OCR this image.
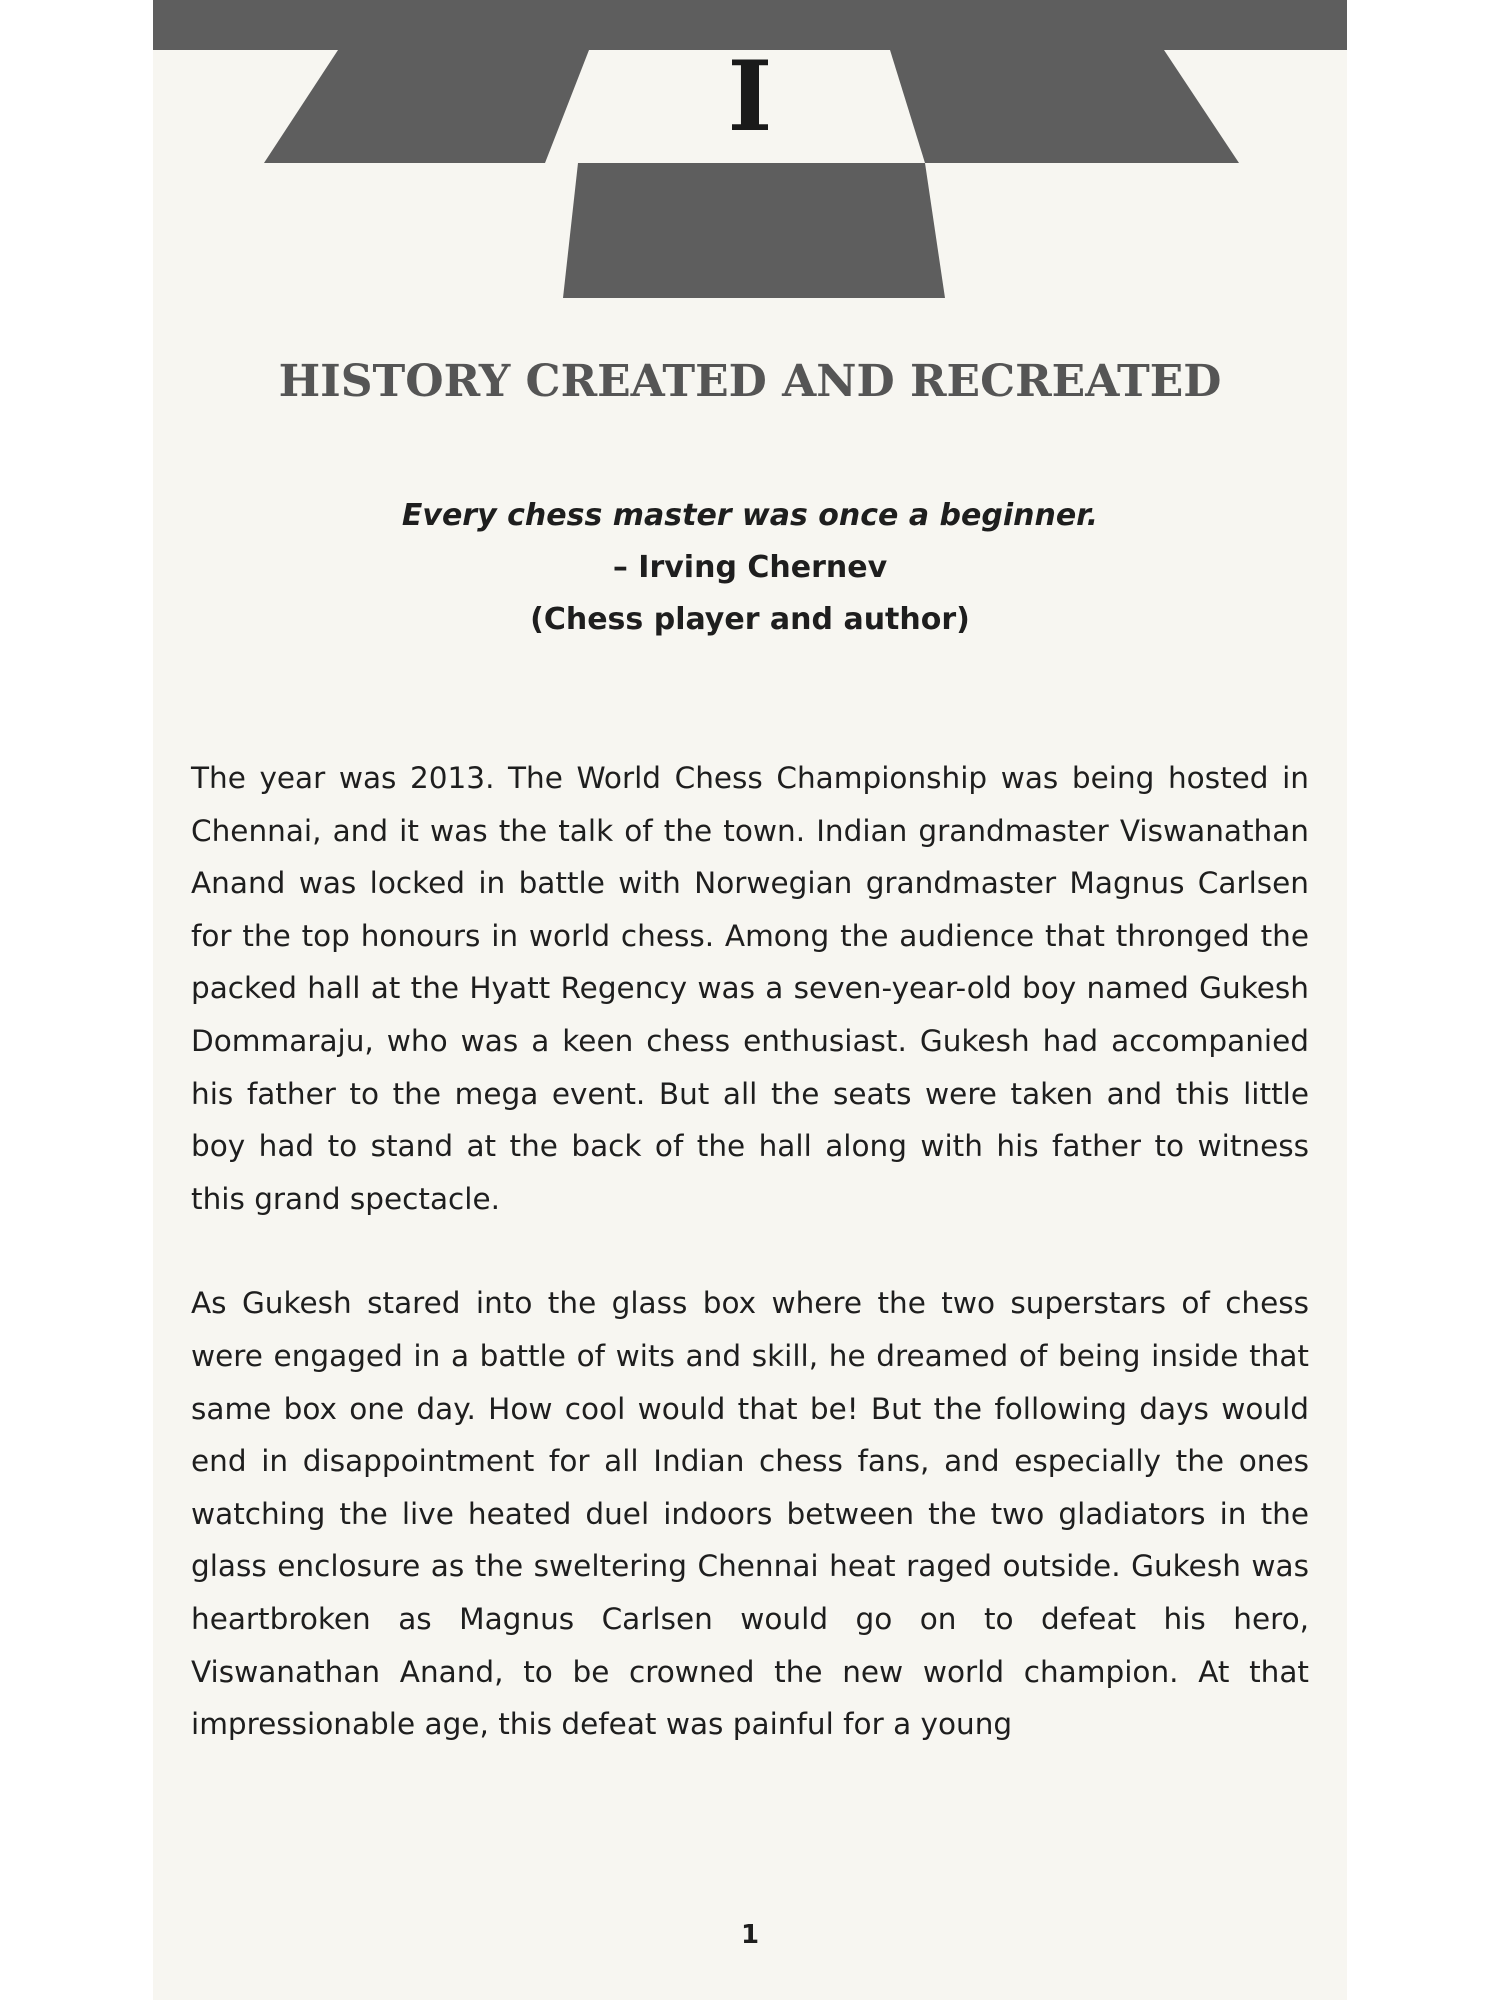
I
HISTORY CREATED AND RECREATED
Every chess master was once a beginner.
– Irving Chernev
(Chess player and author)

The year was 2013. The World Chess Championship was being hosted in Chennai, and it was the talk of the town. Indian grandmaster Viswanathan Anand was locked in battle with Norwegian grandmaster Magnus Carlsen for the top honours in world chess. Among the audience that thronged the packed hall at the Hyatt Regency was a seven-year-old boy named Gukesh Dommaraju, who was a keen chess enthusiast. Gukesh had accompanied his father to the mega event. But all the seats were taken and this little boy had to stand at the back of the hall along with his father to witness this grand spectacle.

As Gukesh stared into the glass box where the two superstars of chess were engaged in a battle of wits and skill, he dreamed of being inside that same box one day. How cool would that be! But the following days would end in disappointment for all Indian chess fans, and especially the ones watching the live heated duel indoors between the two gladiators in the glass enclosure as the sweltering Chennai heat raged outside. Gukesh was heartbroken as Magnus Carlsen would go on to defeat his hero, Viswanathan Anand, to be crowned the new world champion. At that impressionable age, this defeat was painful for a young

1
